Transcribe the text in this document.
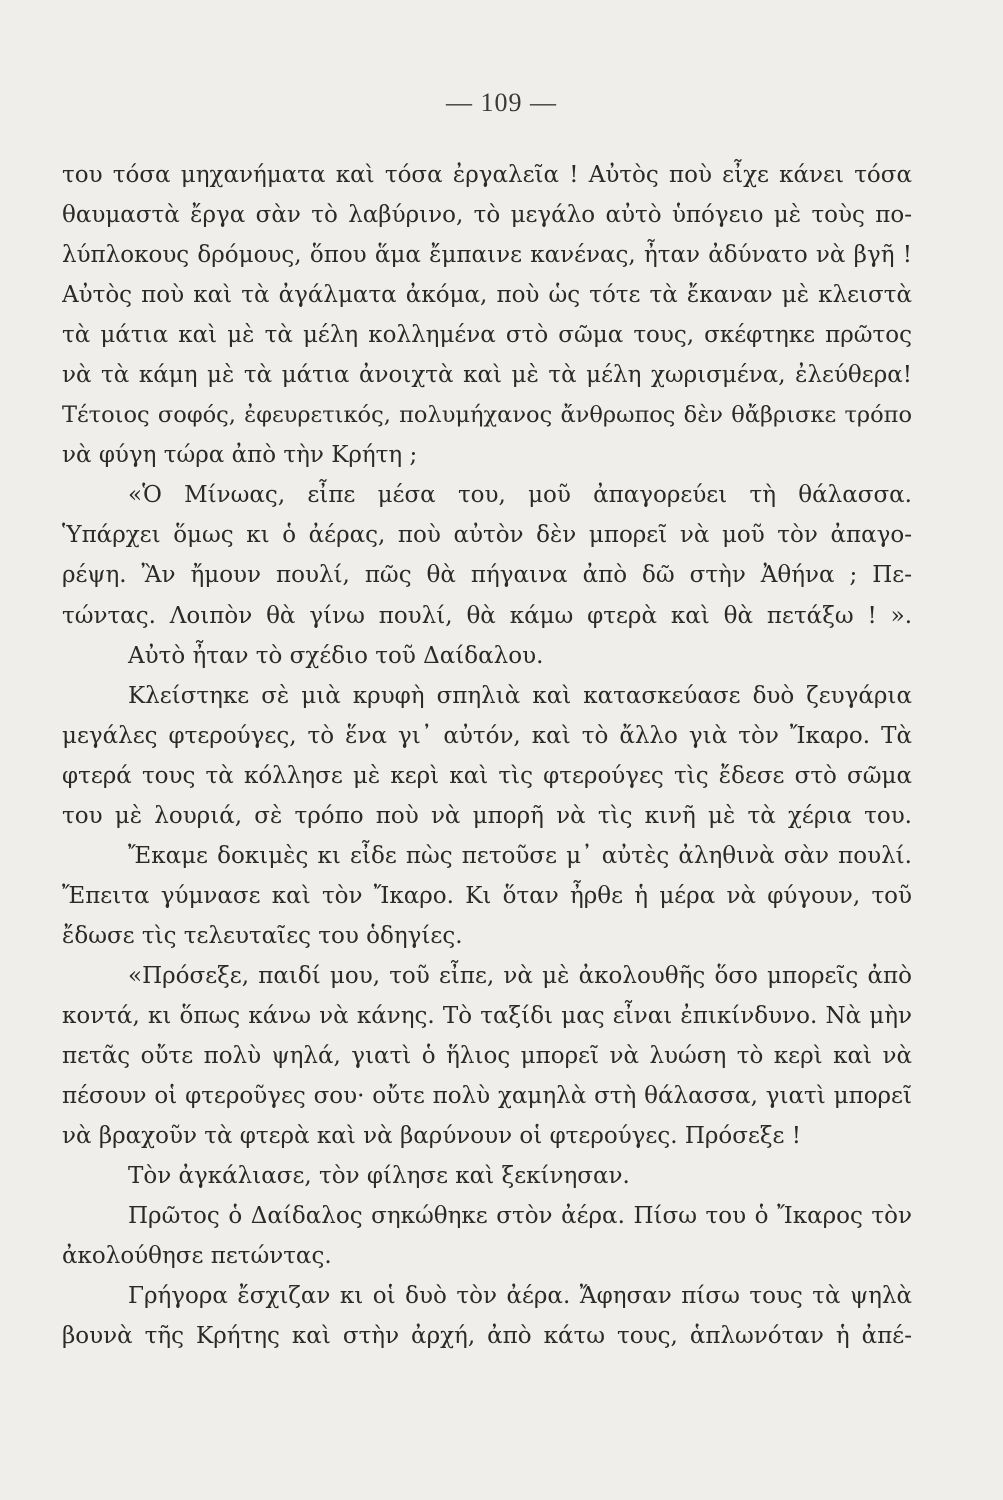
— 109 —
του τόσα μηχανήματα καὶ τόσα ἐργαλεῖα ! Αὐτὸς ποὺ εἶχε κάνει τόσα
θαυμαστὰ ἔργα σὰν τὸ λαβύρινο, τὸ μεγάλο αὐτὸ ὑπόγειο μὲ τοὺς πο-
λύπλοκους δρόμους, ὅπου ἅμα ἔμπαινε κανένας, ἦταν ἀδύνατο νὰ βγῆ !
Αὐτὸς ποὺ καὶ τὰ ἀγάλματα ἀκόμα, ποὺ ὡς τότε τὰ ἔκαναν μὲ κλειστὰ
τὰ μάτια καὶ μὲ τὰ μέλη κολλημένα στὸ σῶμα τους, σκέφτηκε πρῶτος
νὰ τὰ κάμη μὲ τὰ μάτια ἀνοιχτὰ καὶ μὲ τὰ μέλη χωρισμένα, ἐλεύθερα!
Τέτοιος σοφός, ἐφευρετικός, πολυμήχανος ἄνθρωπος δὲν θἄβρισκε τρόπο
νὰ φύγη τώρα ἀπὸ τὴν Κρήτη ;
«Ὁ Μίνωας, εἶπε μέσα του, μοῦ ἀπαγορεύει τὴ θάλασσα.
Ὑπάρχει ὅμως κι ὁ ἀέρας, ποὺ αὐτὸν δὲν μπορεῖ νὰ μοῦ τὸν ἀπαγο-
ρέψη. Ἂν ἤμουν πουλί, πῶς θὰ πήγαινα ἀπὸ δῶ στὴν Ἀθήνα ; Πε-
τώντας. Λοιπὸν θὰ γίνω πουλί, θὰ κάμω φτερὰ καὶ θὰ πετάξω ! ».
Αὐτὸ ἦταν τὸ σχέδιο τοῦ Δαίδαλου.
Κλείστηκε σὲ μιὰ κρυφὴ σπηλιὰ καὶ κατασκεύασε δυὸ ζευγάρια
μεγάλες φτερούγες, τὸ ἕνα γι᾽ αὐτόν, καὶ τὸ ἄλλο γιὰ τὸν Ἴκαρο. Τὰ
φτερά τους τὰ κόλλησε μὲ κερὶ καὶ τὶς φτερούγες τὶς ἔδεσε στὸ σῶμα
του μὲ λουριά, σὲ τρόπο ποὺ νὰ μπορῆ νὰ τὶς κινῆ μὲ τὰ χέρια του.
Ἔκαμε δοκιμὲς κι εἶδε πὼς πετοῦσε μ᾽ αὐτὲς ἀληθινὰ σὰν πουλί.
Ἔπειτα γύμνασε καὶ τὸν Ἴκαρο. Κι ὅταν ἦρθε ἡ μέρα νὰ φύγουν, τοῦ
ἔδωσε τὶς τελευταῖες του ὁδηγίες.
«Πρόσεξε, παιδί μου, τοῦ εἶπε, νὰ μὲ ἀκολουθῆς ὅσο μπορεῖς ἀπὸ
κοντά, κι ὅπως κάνω νὰ κάνης. Τὸ ταξίδι μας εἶναι ἐπικίνδυνο. Νὰ μὴν
πετᾶς οὔτε πολὺ ψηλά, γιατὶ ὁ ἥλιος μπορεῖ νὰ λυώση τὸ κερὶ καὶ νὰ
πέσουν οἱ φτεροῦγες σου· οὔτε πολὺ χαμηλὰ στὴ θάλασσα, γιατὶ μπορεῖ
νὰ βραχοῦν τὰ φτερὰ καὶ νὰ βαρύνουν οἱ φτερούγες. Πρόσεξε !
Τὸν ἀγκάλιασε, τὸν φίλησε καὶ ξεκίνησαν.
Πρῶτος ὁ Δαίδαλος σηκώθηκε στὸν ἀέρα. Πίσω του ὁ Ἴκαρος τὸν
ἀκολούθησε πετώντας.
Γρήγορα ἔσχιζαν κι οἱ δυὸ τὸν ἀέρα. Ἄφησαν πίσω τους τὰ ψηλὰ
βουνὰ τῆς Κρήτης καὶ στὴν ἀρχή, ἀπὸ κάτω τους, ἁπλωνόταν ἡ ἀπέ-
